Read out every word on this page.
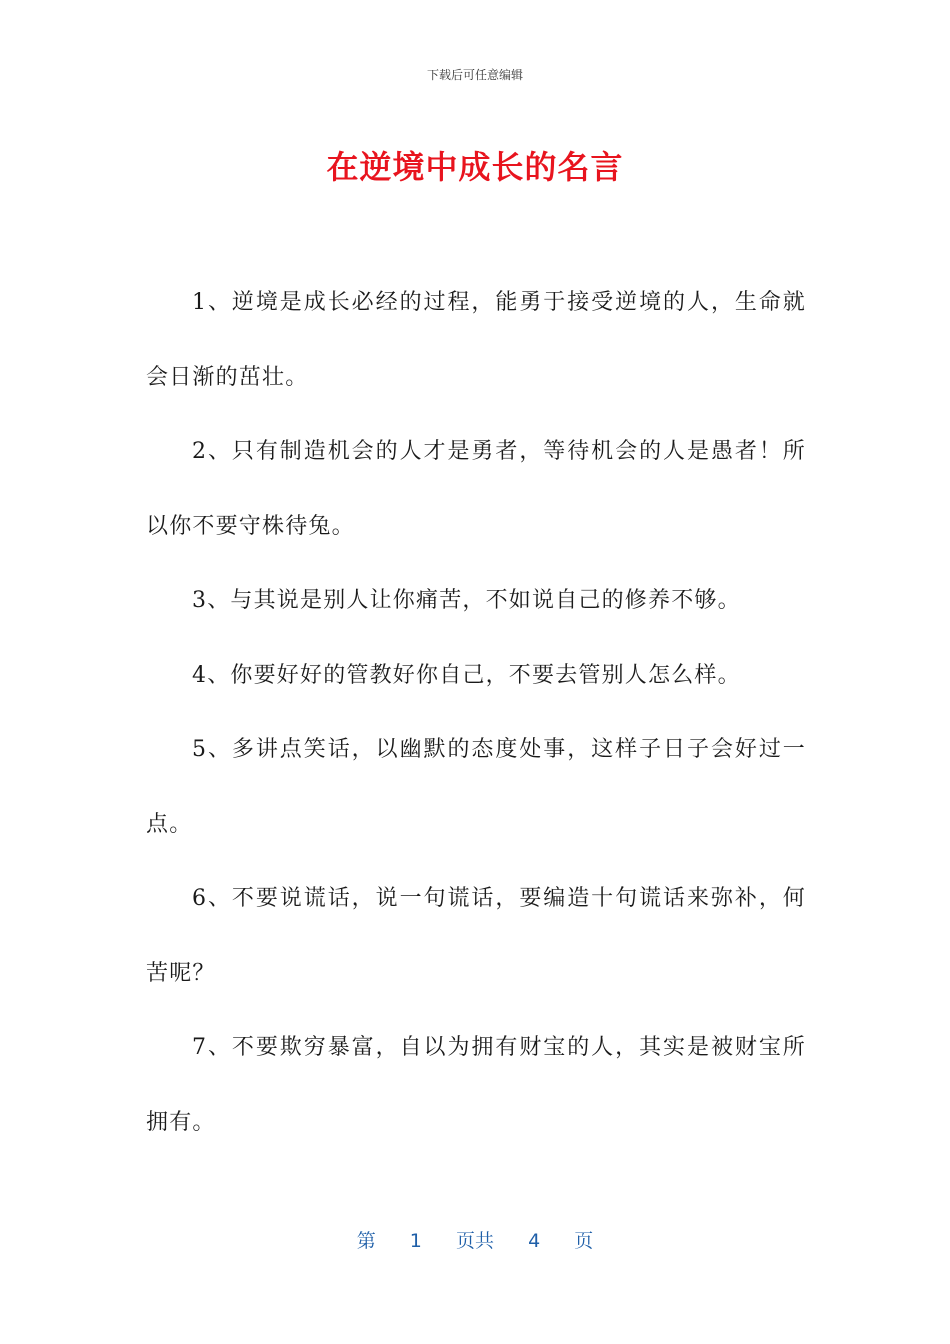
下载后可任意编辑
在逆境中成长的名言

1、逆境是成长必经的过程，能勇于接受逆境的人，生命就会日渐的茁壮。

2、只有制造机会的人才是勇者，等待机会的人是愚者！所以你不要守株待兔。

3、与其说是别人让你痛苦，不如说自己的修养不够。

4、你要好好的管教好你自己，不要去管别人怎么样。

5、多讲点笑话，以幽默的态度处事，这样子日子会好过一点。

6、不要说谎话，说一句谎话，要编造十句谎话来弥补，何苦呢？

7、不要欺穷暴富，自以为拥有财宝的人，其实是被财宝所拥有。

第 1 页共 4 页
